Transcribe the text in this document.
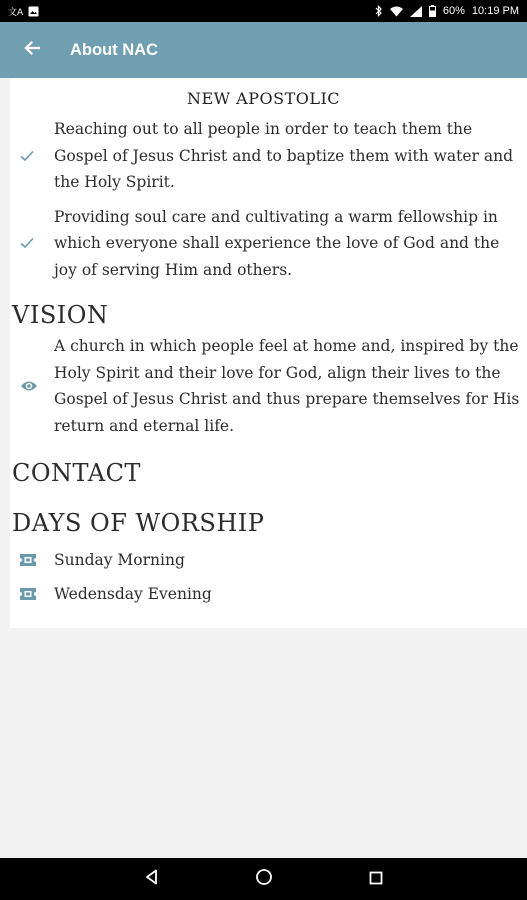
文A	60% 10:19 PM
About NAC
NEW APOSTOLIC
Reaching out to all people in order to teach them the Gospel of Jesus Christ and to baptize them with water and the Holy Spirit.
Providing soul care and cultivating a warm fellowship in which everyone shall experience the love of God and the joy of serving Him and others.
VISION
A church in which people feel at home and, inspired by the Holy Spirit and their love for God, align their lives to the Gospel of Jesus Christ and thus prepare themselves for His return and eternal life.
CONTACT
DAYS OF WORSHIP
Sunday Morning
Wedensday Evening
